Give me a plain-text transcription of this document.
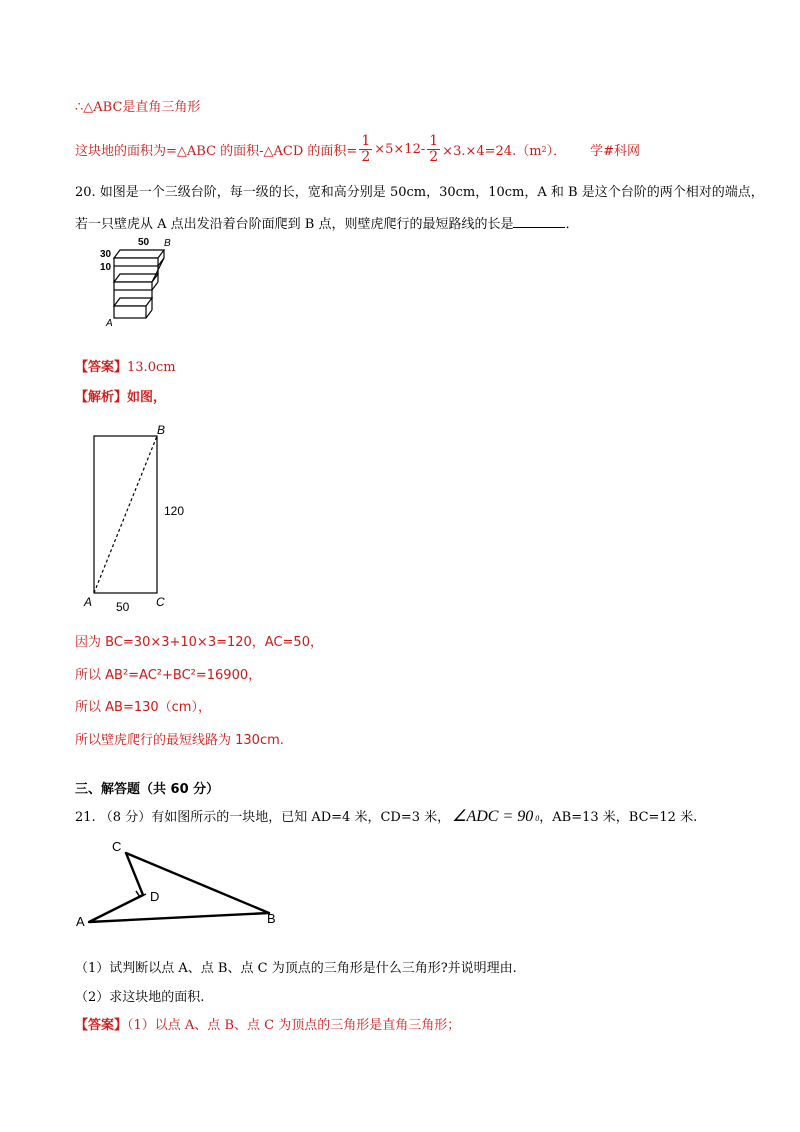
∴△ABC是直角三角形
这块地的面积为=△ABC 的面积-△ACD 的面积= $\frac{1}{2} \times 5\times 12- \frac{1}{2} \times 3.\times 4=24.(m$ 2 ）． 学#科网
20. 如图是一个三级台阶，每一级的长，宽和高分别是 50cm，30cm，10cm，A 和 B 是这个台阶的两个相对的端点，
若一只壁虎从 A 点出发沿着台阶面爬到 B 点，则壁虎爬行的最短路线的长是	．
50 B
30
10
A
【答案】13.0cm
【解析】如图，
B
120
A	C
50
因为 BC=30×3+10×3=120，AC=50，
所以 AB²=AC²+BC²=16900，
所以 AB=130（cm），
所以壁虎爬行的最短线路为 130cm.
三、解答题（共 60 分）
21. （8 分）有如图所示的一块地，已知 AD=4 米，CD=3 米， ∠ADC = 90 0 ，AB=13 米，BC=12 米.
C
D
A	B
（1）试判断以点 A、点 B、点 C 为顶点的三角形是什么三角形?并说明理由.
（2）求这块地的面积.
【答案】（1）以点 A、点 B、点 C 为顶点的三角形是直角三角形；
